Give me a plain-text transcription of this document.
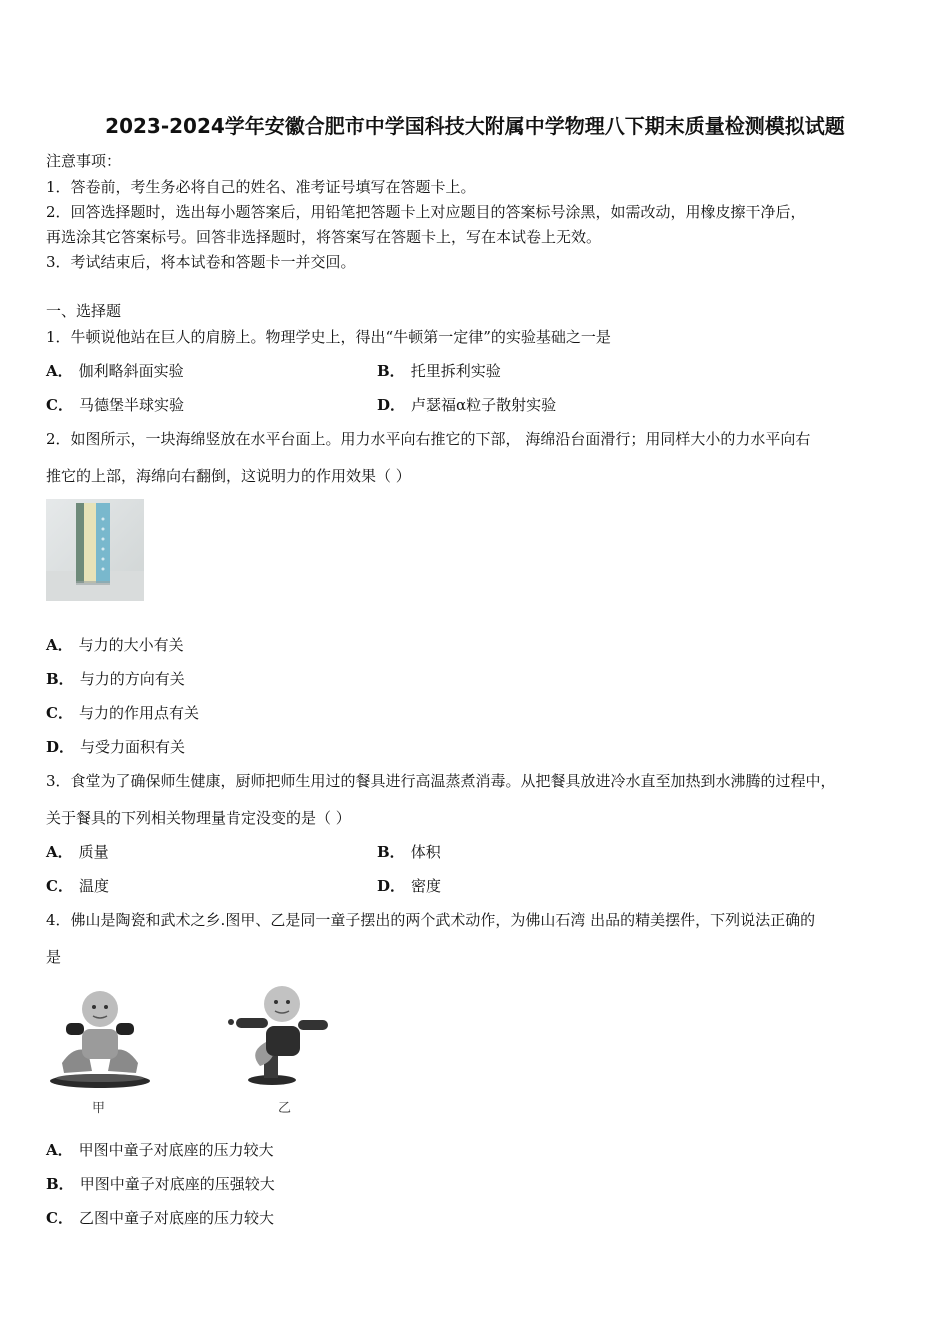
2023-2024学年安徽合肥市中学国科技大附属中学物理八下期末质量检测模拟试题
注意事项：
1．答卷前，考生务必将自己的姓名、准考证号填写在答题卡上。
2．回答选择题时，选出每小题答案后，用铅笔把答题卡上对应题目的答案标号涂黑，如需改动，用橡皮擦干净后，
再选涂其它答案标号。回答非选择题时，将答案写在答题卡上，写在本试卷上无效。
3．考试结束后，将本试卷和答题卡一并交回。
一、选择题
1．牛顿说他站在巨人的肩膀上。物理学史上，得出“牛顿第一定律”的实验基础之一是
A． 伽利略斜面实验	B． 托里拆利实验
C． 马德堡半球实验	D． 卢瑟福α粒子散射实验
2．如图所示，一块海绵竖放在水平台面上。用力水平向右推它的下部， 海绵沿台面滑行；用同样大小的力水平向右
推它的上部，海绵向右翻倒，这说明力的作用效果（ ）
A． 与力的大小有关
B． 与力的方向有关
C． 与力的作用点有关
D． 与受力面积有关
3．食堂为了确保师生健康，厨师把师生用过的餐具进行高温蒸煮消毒。从把餐具放进冷水直至加热到水沸腾的过程中，
关于餐具的下列相关物理量肯定没变的是（ ）
A． 质量	B． 体积
C． 温度	D． 密度
4．佛山是陶瓷和武术之乡.图甲、乙是同一童子摆出的两个武术动作，为佛山石湾 出品的精美摆件，下列说法正确的
是
甲	乙
A． 甲图中童子对底座的压力较大
B． 甲图中童子对底座的压强较大
C． 乙图中童子对底座的压力较大
